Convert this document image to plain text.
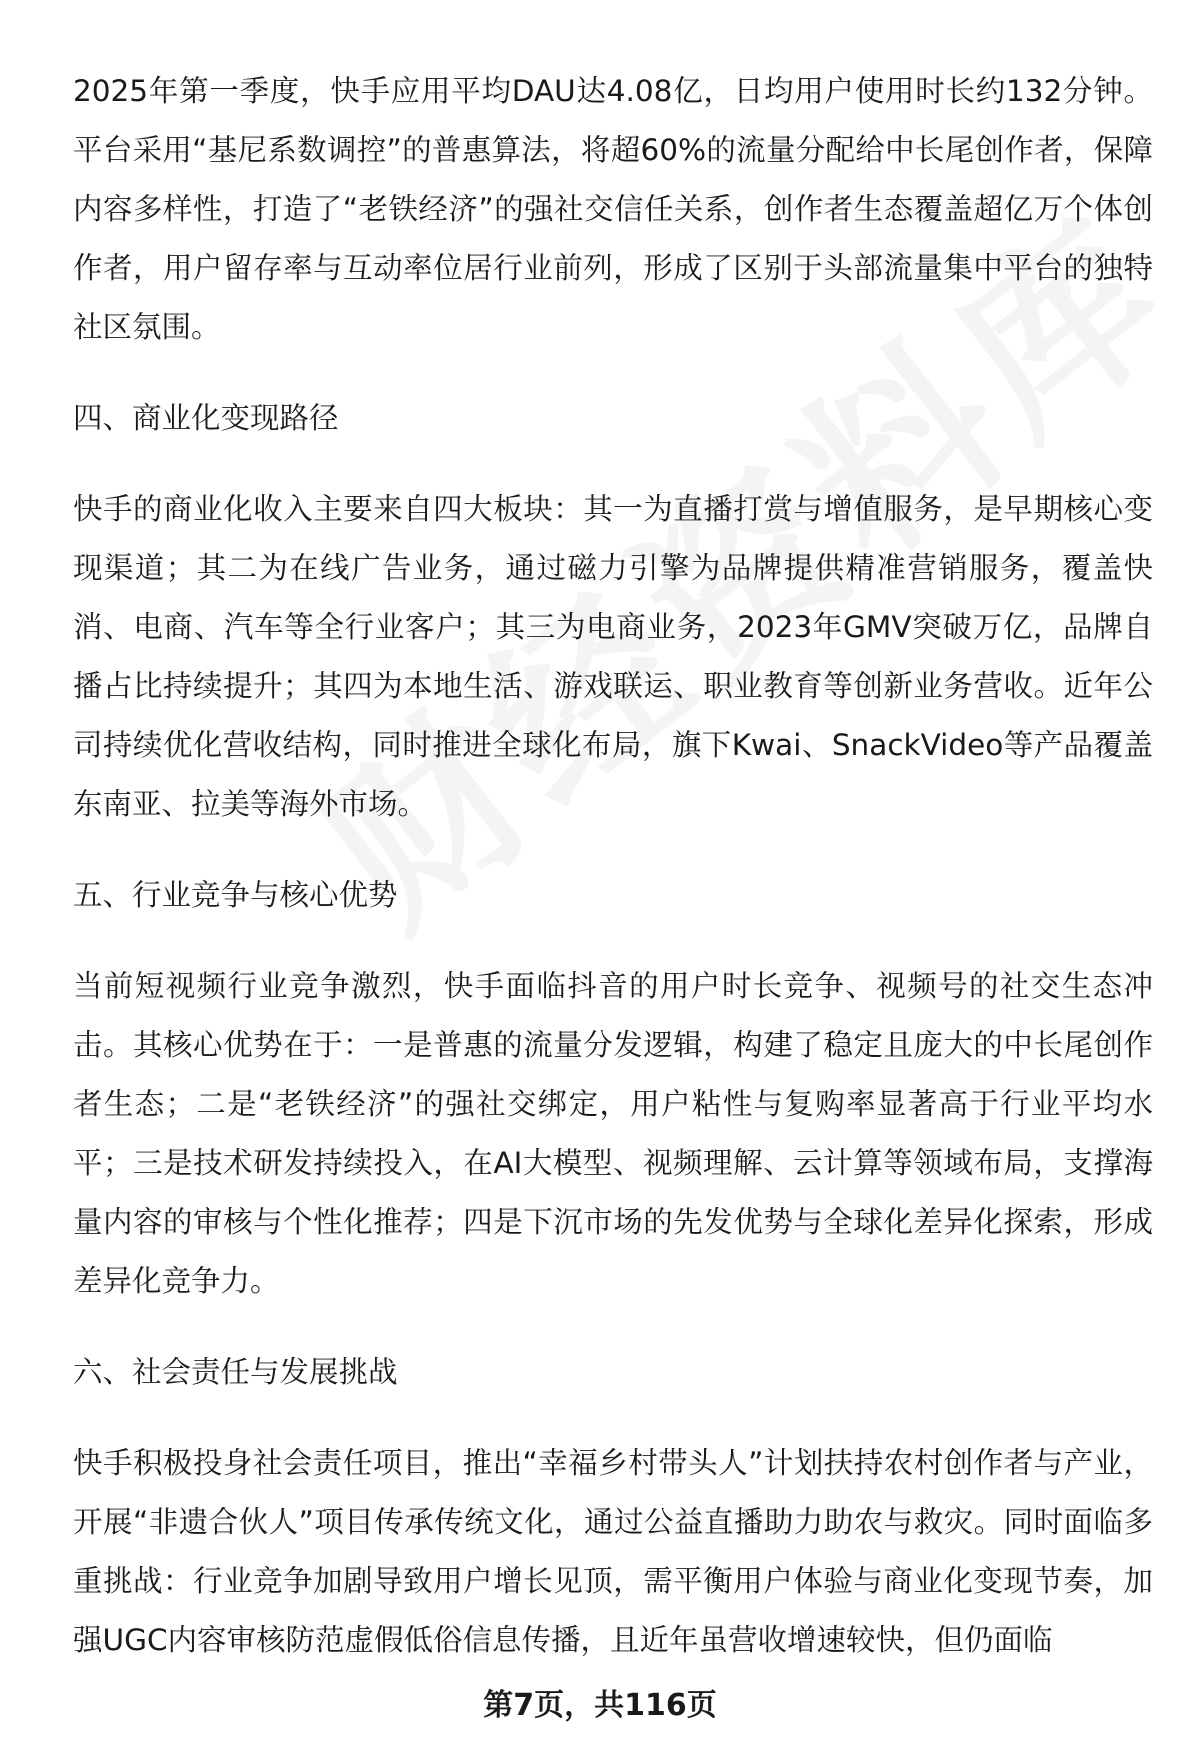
2025年第一季度，快手应用平均DAU达4.08亿，日均用户使用时长约132分钟。平台采用“基尼系数调控”的普惠算法，将超60%的流量分配给中长尾创作者，保障内容多样性，打造了“老铁经济”的强社交信任关系，创作者生态覆盖超亿万个体创作者，用户留存率与互动率位居行业前列，形成了区别于头部流量集中平台的独特社区氛围。

四、商业化变现路径

快手的商业化收入主要来自四大板块：其一为直播打赏与增值服务，是早期核心变现渠道；其二为在线广告业务，通过磁力引擎为品牌提供精准营销服务，覆盖快消、电商、汽车等全行业客户；其三为电商业务，2023年GMV突破万亿，品牌自播占比持续提升；其四为本地生活、游戏联运、职业教育等创新业务营收。近年公司持续优化营收结构，同时推进全球化布局，旗下Kwai、SnackVideo等产品覆盖东南亚、拉美等海外市场。

五、行业竞争与核心优势

当前短视频行业竞争激烈，快手面临抖音的用户时长竞争、视频号的社交生态冲击。其核心优势在于：一是普惠的流量分发逻辑，构建了稳定且庞大的中长尾创作者生态；二是“老铁经济”的强社交绑定，用户粘性与复购率显著高于行业平均水平；三是技术研发持续投入，在AI大模型、视频理解、云计算等领域布局，支撑海量内容的审核与个性化推荐；四是下沉市场的先发优势与全球化差异化探索，形成差异化竞争力。

六、社会责任与发展挑战

快手积极投身社会责任项目，推出“幸福乡村带头人”计划扶持农村创作者与产业，开展“非遗合伙人”项目传承传统文化，通过公益直播助力助农与救灾。同时面临多重挑战：行业竞争加剧导致用户增长见顶，需平衡用户体验与商业化变现节奏，加强UGC内容审核防范虚假低俗信息传播，且近年虽营收增速较快，但仍面临

第7页，共116页
